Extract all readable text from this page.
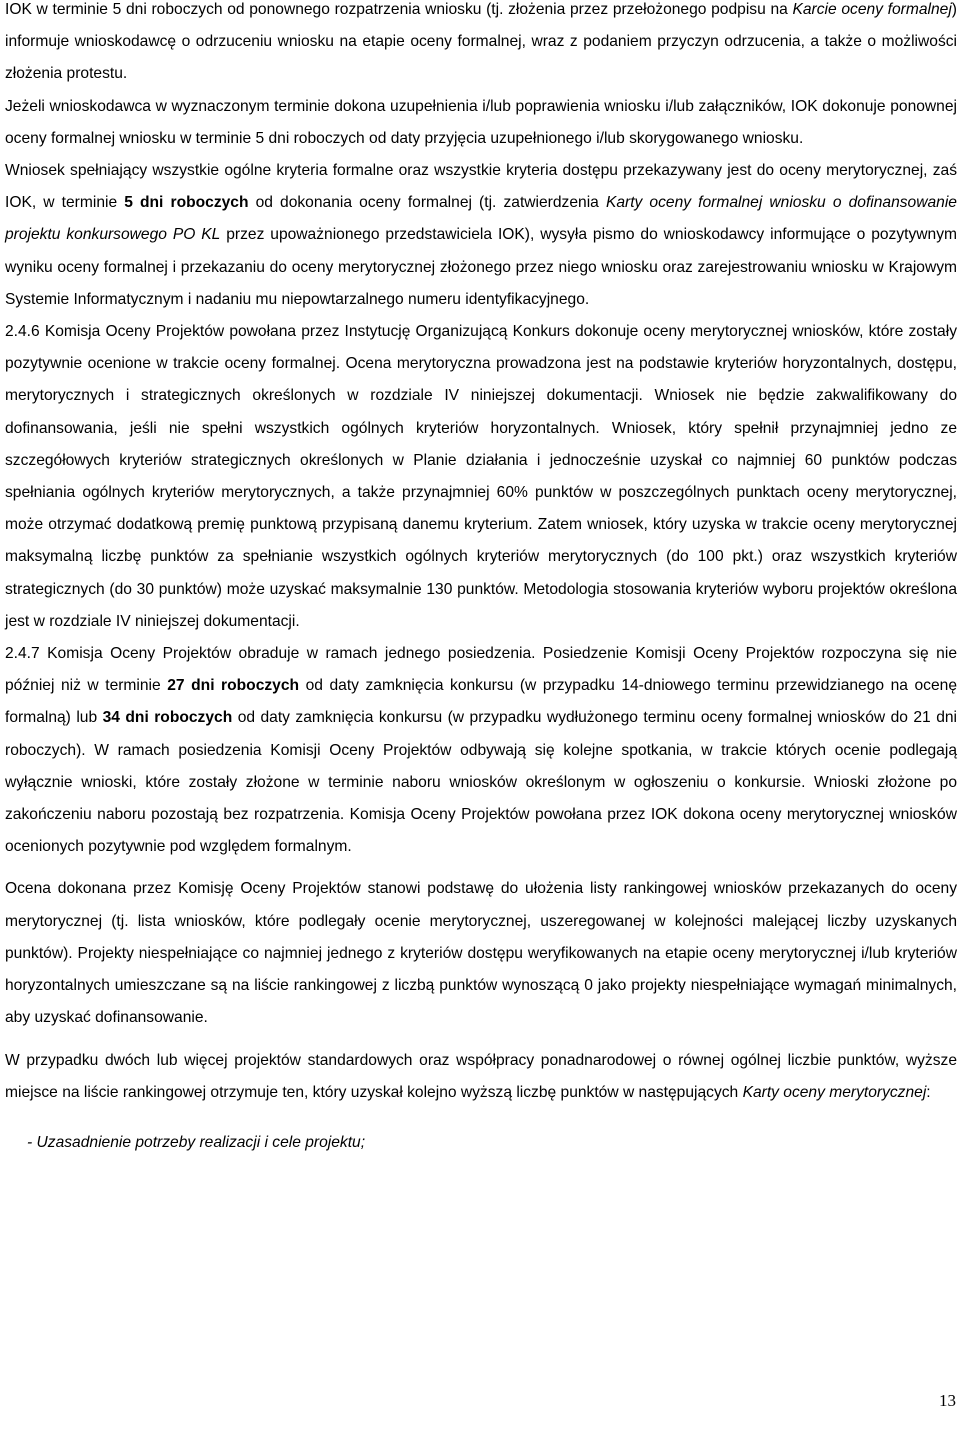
IOK w terminie 5 dni roboczych od ponownego rozpatrzenia wniosku (tj. złożenia przez przełożonego podpisu na Karcie oceny formalnej) informuje wnioskodawcę o odrzuceniu wniosku na etapie oceny formalnej, wraz z podaniem przyczyn odrzucenia, a także o możliwości złożenia protestu.

Jeżeli wnioskodawca w wyznaczonym terminie dokona uzupełnienia i/lub poprawienia wniosku i/lub załączników, IOK dokonuje ponownej oceny formalnej wniosku w terminie 5 dni roboczych od daty przyjęcia uzupełnionego i/lub skorygowanego wniosku.

Wniosek spełniający wszystkie ogólne kryteria formalne oraz wszystkie kryteria dostępu przekazywany jest do oceny merytorycznej, zaś IOK, w terminie 5 dni roboczych od dokonania oceny formalnej (tj. zatwierdzenia Karty oceny formalnej wniosku o dofinansowanie projektu konkursowego PO KL przez upoważnionego przedstawiciela IOK), wysyła pismo do wnioskodawcy informujące o pozytywnym wyniku oceny formalnej i przekazaniu do oceny merytorycznej złożonego przez niego wniosku oraz zarejestrowaniu wniosku w Krajowym Systemie Informatycznym i nadaniu mu niepowtarzalnego numeru identyfikacyjnego.

2.4.6 Komisja Oceny Projektów powołana przez Instytucję Organizującą Konkurs dokonuje oceny merytorycznej wniosków, które zostały pozytywnie ocenione w trakcie oceny formalnej. Ocena merytoryczna prowadzona jest na podstawie kryteriów horyzontalnych, dostępu, merytorycznych i strategicznych określonych w rozdziale IV niniejszej dokumentacji. Wniosek nie będzie zakwalifikowany do dofinansowania, jeśli nie spełni wszystkich ogólnych kryteriów horyzontalnych. Wniosek, który spełnił przynajmniej jedno ze szczegółowych kryteriów strategicznych określonych w Planie działania i jednocześnie uzyskał co najmniej 60 punktów podczas spełniania ogólnych kryteriów merytorycznych, a także przynajmniej 60% punktów w poszczególnych punktach oceny merytorycznej, może otrzymać dodatkową premię punktową przypisaną danemu kryterium. Zatem wniosek, który uzyska w trakcie oceny merytorycznej maksymalną liczbę punktów za spełnianie wszystkich ogólnych kryteriów merytorycznych (do 100 pkt.) oraz wszystkich kryteriów strategicznych (do 30 punktów) może uzyskać maksymalnie 130 punktów. Metodologia stosowania kryteriów wyboru projektów określona jest w rozdziale IV niniejszej dokumentacji.

2.4.7 Komisja Oceny Projektów obraduje w ramach jednego posiedzenia. Posiedzenie Komisji Oceny Projektów rozpoczyna się nie później niż w terminie 27 dni roboczych od daty zamknięcia konkursu (w przypadku 14-dniowego terminu przewidzianego na ocenę formalną) lub 34 dni roboczych od daty zamknięcia konkursu (w przypadku wydłużonego terminu oceny formalnej wniosków do 21 dni roboczych). W ramach posiedzenia Komisji Oceny Projektów odbywają się kolejne spotkania, w trakcie których ocenie podlegają wyłącznie wnioski, które zostały złożone w terminie naboru wniosków określonym w ogłoszeniu o konkursie. Wnioski złożone po zakończeniu naboru pozostają bez rozpatrzenia. Komisja Oceny Projektów powołana przez IOK dokona oceny merytorycznej wniosków ocenionych pozytywnie pod względem formalnym.

Ocena dokonana przez Komisję Oceny Projektów stanowi podstawę do ułożenia listy rankingowej wniosków przekazanych do oceny merytorycznej (tj. lista wniosków, które podlegały ocenie merytorycznej, uszeregowanej w kolejności malejącej liczby uzyskanych punktów). Projekty niespełniające co najmniej jednego z kryteriów dostępu weryfikowanych na etapie oceny merytorycznej i/lub kryteriów horyzontalnych umieszczane są na liście rankingowej z liczbą punktów wynoszącą 0 jako projekty niespełniające wymagań minimalnych, aby uzyskać dofinansowanie.

W przypadku dwóch lub więcej projektów standardowych oraz współpracy ponadnarodowej o równej ogólnej liczbie punktów, wyższe miejsce na liście rankingowej otrzymuje ten, który uzyskał kolejno wyższą liczbę punktów w następujących Karty oceny merytorycznej:

- Uzasadnienie potrzeby realizacji i cele projektu;

13
